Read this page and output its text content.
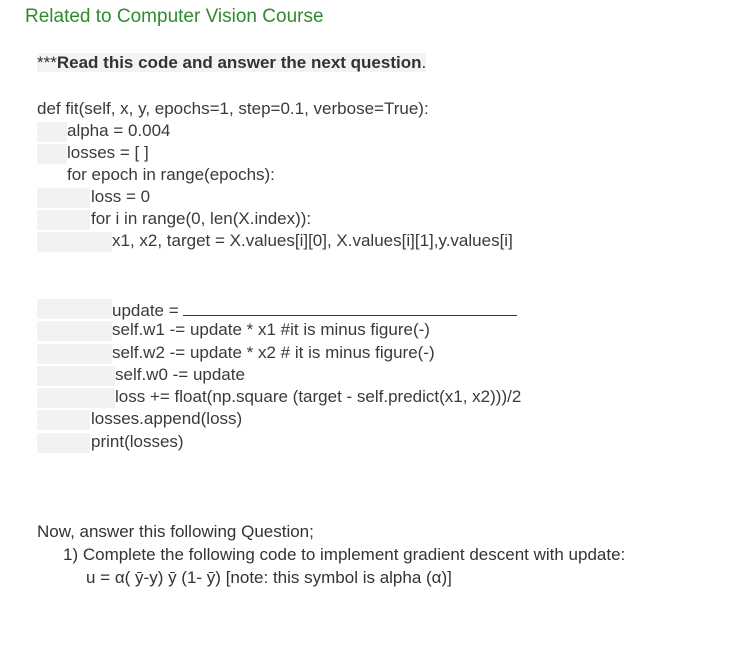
Related to Computer Vision Course
***Read this code and answer the next question.
def fit(self, x, y, epochs=1, step=0.1, verbose=True):
alpha = 0.004
losses = [ ]
for epoch in range(epochs):
loss = 0
for i in range(0, len(X.index)):
x1, x2, target = X.values[i][0], X.values[i][1],y.values[i]
update =
self.w1 -= update * x1 #it is minus figure(-)
self.w2 -= update * x2 # it is minus figure(-)
self.w0 -= update
loss += float(np.square (target - self.predict(x1, x2)))/2
losses.append(loss)
print(losses)
Now, answer this following Question;
1) Complete the following code to implement gradient descent with update:
u = α( ȳ-y) ȳ (1- ȳ) [note: this symbol is alpha (α)]
